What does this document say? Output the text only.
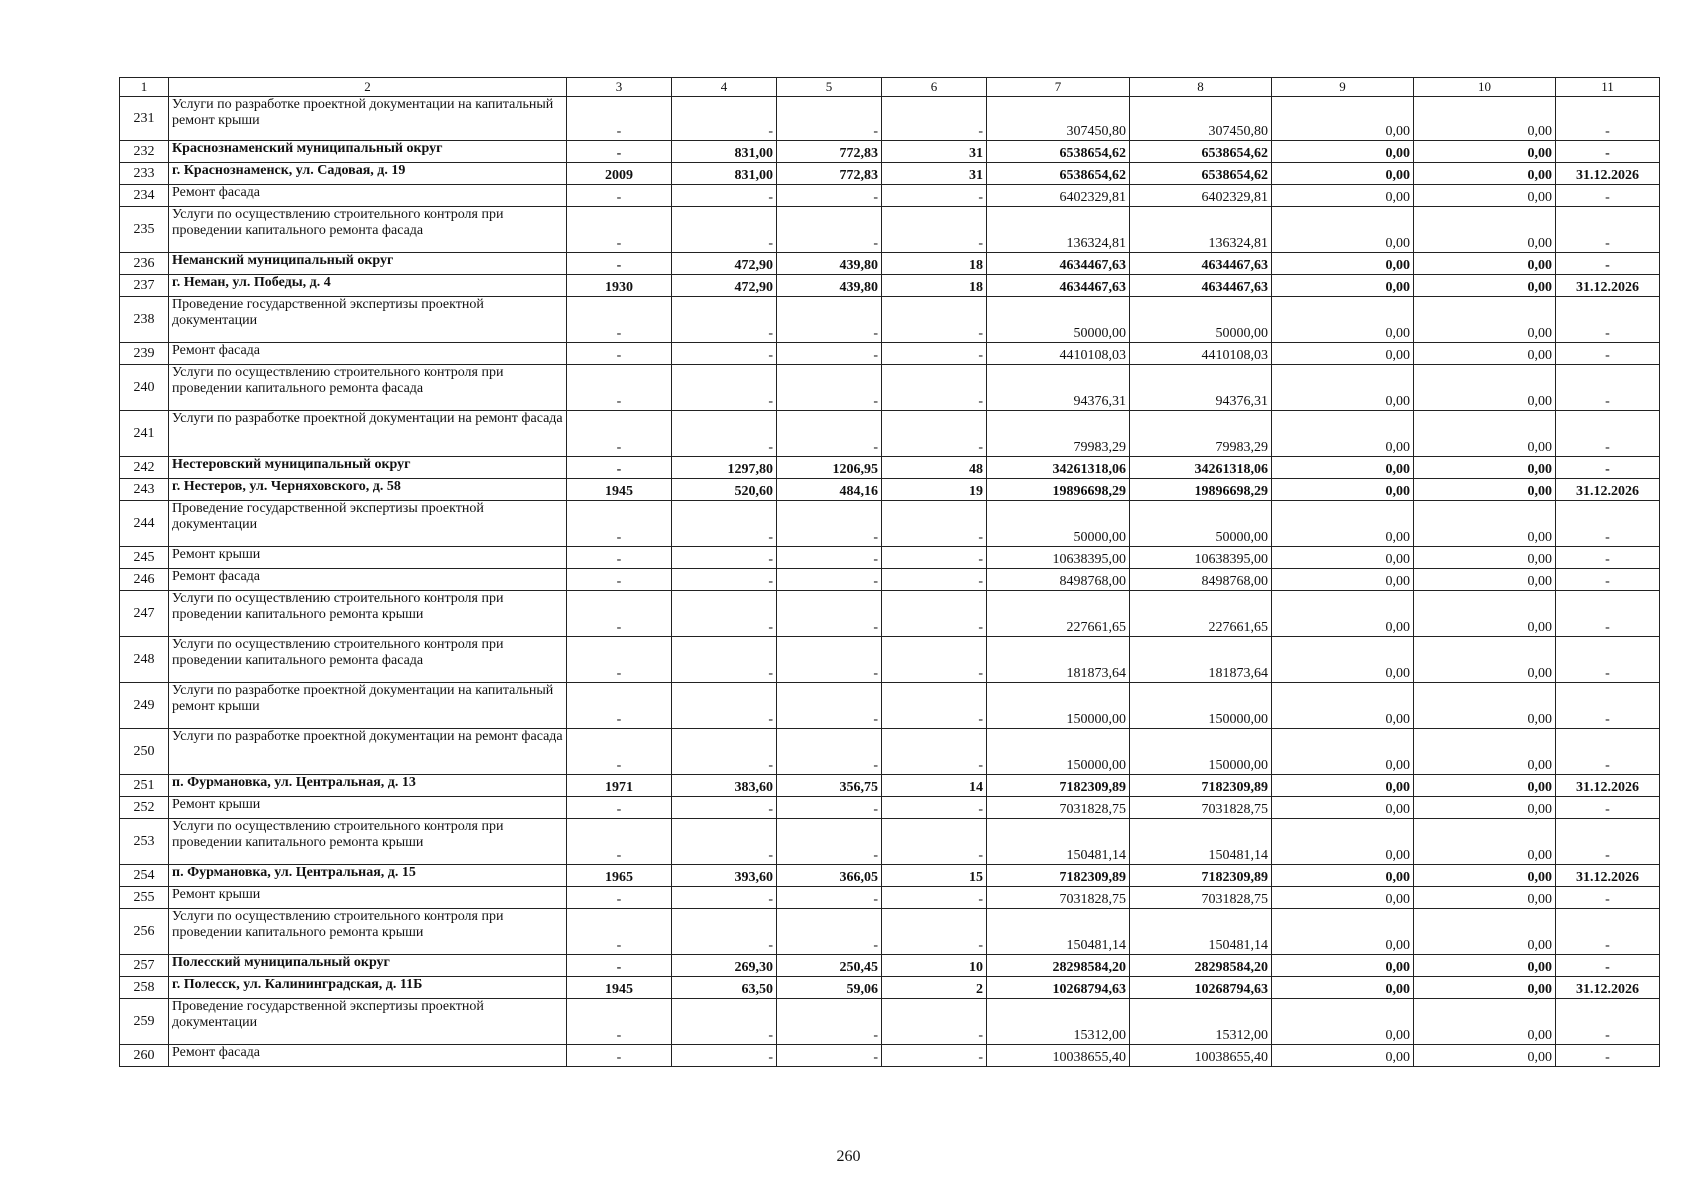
1	2	3	4	5	6	7	8	9	10	11
231	Услуги по разработке проектной документации на капитальный ремонт крыши	-	-	-	-	307450,80	307450,80	0,00	0,00	-
232	Краснознаменский муниципальный округ	-	831,00	772,83	31	6538654,62	6538654,62	0,00	0,00	-
233	г. Краснознаменск, ул. Садовая, д. 19	2009	831,00	772,83	31	6538654,62	6538654,62	0,00	0,00	31.12.2026
234	Ремонт фасада	-	-	-	-	6402329,81	6402329,81	0,00	0,00	-
235	Услуги по осуществлению строительного контроля при проведении капитального ремонта фасада	-	-	-	-	136324,81	136324,81	0,00	0,00	-
236	Неманский муниципальный округ	-	472,90	439,80	18	4634467,63	4634467,63	0,00	0,00	-
237	г. Неман, ул. Победы, д. 4	1930	472,90	439,80	18	4634467,63	4634467,63	0,00	0,00	31.12.2026
238	Проведение государственной экспертизы проектной документации	-	-	-	-	50000,00	50000,00	0,00	0,00	-
239	Ремонт фасада	-	-	-	-	4410108,03	4410108,03	0,00	0,00	-
240	Услуги по осуществлению строительного контроля при проведении капитального ремонта фасада	-	-	-	-	94376,31	94376,31	0,00	0,00	-
241	Услуги по разработке проектной документации на ремонт фасада	-	-	-	-	79983,29	79983,29	0,00	0,00	-
242	Нестеровский муниципальный округ	-	1297,80	1206,95	48	34261318,06	34261318,06	0,00	0,00	-
243	г. Нестеров, ул. Черняховского, д. 58	1945	520,60	484,16	19	19896698,29	19896698,29	0,00	0,00	31.12.2026
244	Проведение государственной экспертизы проектной документации	-	-	-	-	50000,00	50000,00	0,00	0,00	-
245	Ремонт крыши	-	-	-	-	10638395,00	10638395,00	0,00	0,00	-
246	Ремонт фасада	-	-	-	-	8498768,00	8498768,00	0,00	0,00	-
247	Услуги по осуществлению строительного контроля при проведении капитального ремонта крыши	-	-	-	-	227661,65	227661,65	0,00	0,00	-
248	Услуги по осуществлению строительного контроля при проведении капитального ремонта фасада	-	-	-	-	181873,64	181873,64	0,00	0,00	-
249	Услуги по разработке проектной документации на капитальный ремонт крыши	-	-	-	-	150000,00	150000,00	0,00	0,00	-
250	Услуги по разработке проектной документации на ремонт фасада	-	-	-	-	150000,00	150000,00	0,00	0,00	-
251	п. Фурмановка, ул. Центральная, д. 13	1971	383,60	356,75	14	7182309,89	7182309,89	0,00	0,00	31.12.2026
252	Ремонт крыши	-	-	-	-	7031828,75	7031828,75	0,00	0,00	-
253	Услуги по осуществлению строительного контроля при проведении капитального ремонта крыши	-	-	-	-	150481,14	150481,14	0,00	0,00	-
254	п. Фурмановка, ул. Центральная, д. 15	1965	393,60	366,05	15	7182309,89	7182309,89	0,00	0,00	31.12.2026
255	Ремонт крыши	-	-	-	-	7031828,75	7031828,75	0,00	0,00	-
256	Услуги по осуществлению строительного контроля при проведении капитального ремонта крыши	-	-	-	-	150481,14	150481,14	0,00	0,00	-
257	Полесский муниципальный округ	-	269,30	250,45	10	28298584,20	28298584,20	0,00	0,00	-
258	г. Полесск, ул. Калининградская, д. 11Б	1945	63,50	59,06	2	10268794,63	10268794,63	0,00	0,00	31.12.2026
259	Проведение государственной экспертизы проектной документации	-	-	-	-	15312,00	15312,00	0,00	0,00	-
260	Ремонт фасада	-	-	-	-	10038655,40	10038655,40	0,00	0,00	-
260
